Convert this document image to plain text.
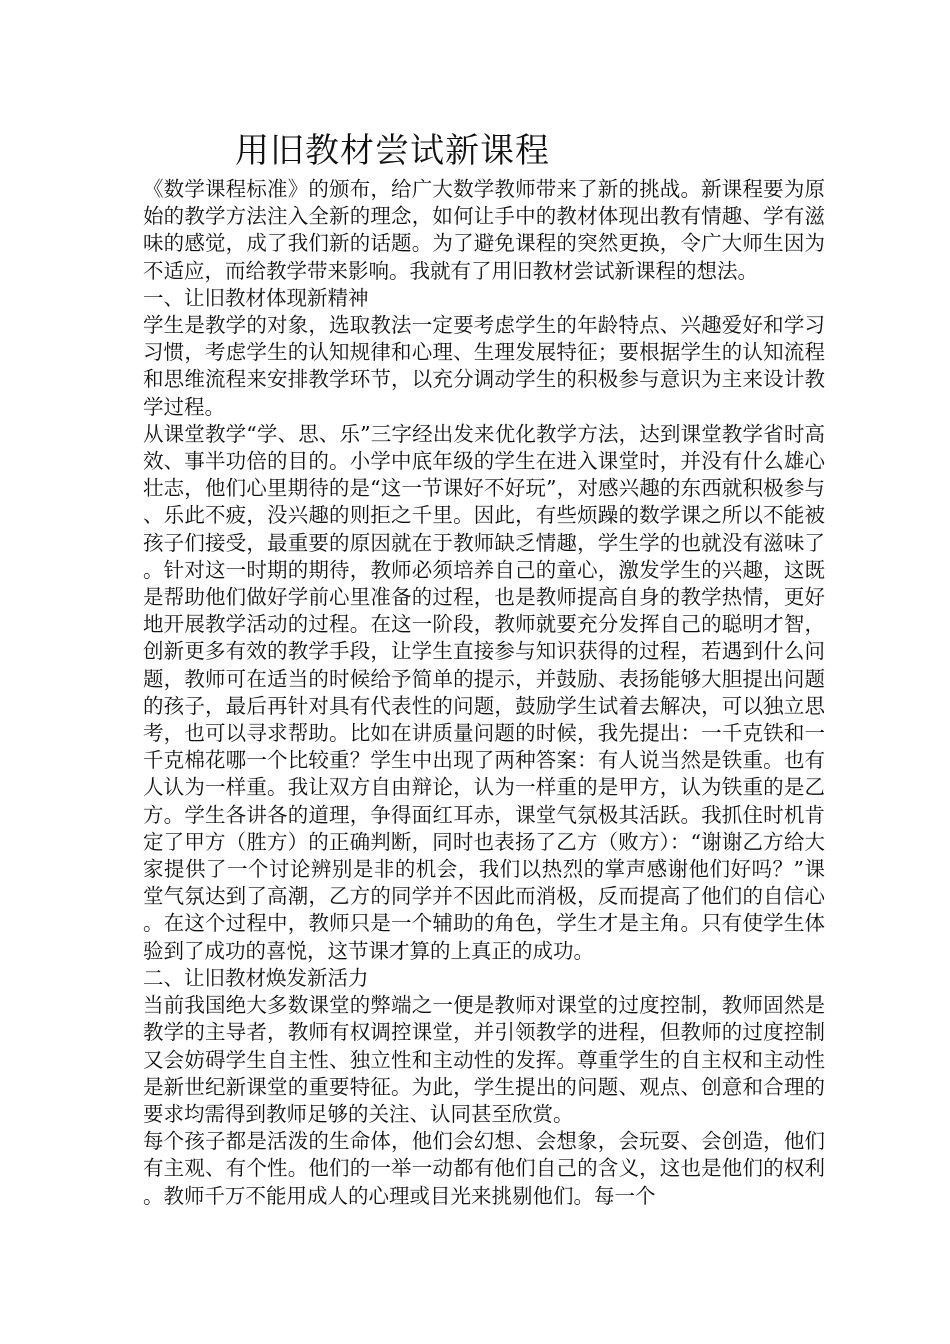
用旧教材尝试新课程

《数学课程标准》的颁布，给广大数学教师带来了新的挑战。新课程要为原始的教学方法注入全新的理念，如何让手中的教材体现出教有情趣、学有滋味的感觉，成了我们新的话题。为了避免课程的突然更换，令广大师生因为不适应，而给教学带来影响。我就有了用旧教材尝试新课程的想法。

一、让旧教材体现新精神

学生是教学的对象，选取教法一定要考虑学生的年龄特点、兴趣爱好和学习习惯，考虑学生的认知规律和心理、生理发展特征；要根据学生的认知流程和思维流程来安排教学环节，以充分调动学生的积极参与意识为主来设计教学过程。

从课堂教学“学、思、乐”三字经出发来优化教学方法，达到课堂教学省时高效、事半功倍的目的。小学中底年级的学生在进入课堂时，并没有什么雄心壮志，他们心里期待的是“这一节课好不好玩”，对感兴趣的东西就积极参与、乐此不疲，没兴趣的则拒之千里。因此，有些烦躁的数学课之所以不能被孩子们接受，最重要的原因就在于教师缺乏情趣，学生学的也就没有滋味了。针对这一时期的期待，教师必须培养自己的童心，激发学生的兴趣，这既是帮助他们做好学前心里准备的过程，也是教师提高自身的教学热情，更好地开展教学活动的过程。在这一阶段，教师就要充分发挥自己的聪明才智，创新更多有效的教学手段，让学生直接参与知识获得的过程，若遇到什么问题，教师可在适当的时候给予简单的提示，并鼓励、表扬能够大胆提出问题的孩子，最后再针对具有代表性的问题，鼓励学生试着去解决，可以独立思考，也可以寻求帮助。比如在讲质量问题的时候，我先提出：一千克铁和一千克棉花哪一个比较重？学生中出现了两种答案：有人说当然是铁重。也有人认为一样重。我让双方自由辩论，认为一样重的是甲方，认为铁重的是乙方。学生各讲各的道理，争得面红耳赤，课堂气氛极其活跃。我抓住时机肯定了甲方（胜方）的正确判断，同时也表扬了乙方（败方）：“谢谢乙方给大家提供了一个讨论辨别是非的机会，我们以热烈的掌声感谢他们好吗？”课堂气氛达到了高潮，乙方的同学并不因此而消极，反而提高了他们的自信心。在这个过程中，教师只是一个辅助的角色，学生才是主角。只有使学生体验到了成功的喜悦，这节课才算的上真正的成功。

二、让旧教材焕发新活力

当前我国绝大多数课堂的弊端之一便是教师对课堂的过度控制，教师固然是教学的主导者，教师有权调控课堂，并引领教学的进程，但教师的过度控制又会妨碍学生自主性、独立性和主动性的发挥。尊重学生的自主权和主动性是新世纪新课堂的重要特征。为此，学生提出的问题、观点、创意和合理的要求均需得到教师足够的关注、认同甚至欣赏。

每个孩子都是活泼的生命体，他们会幻想、会想象，会玩耍、会创造，他们有主观、有个性。他们的一举一动都有他们自己的含义，这也是他们的权利。教师千万不能用成人的心理或目光来挑剔他们。每一个
